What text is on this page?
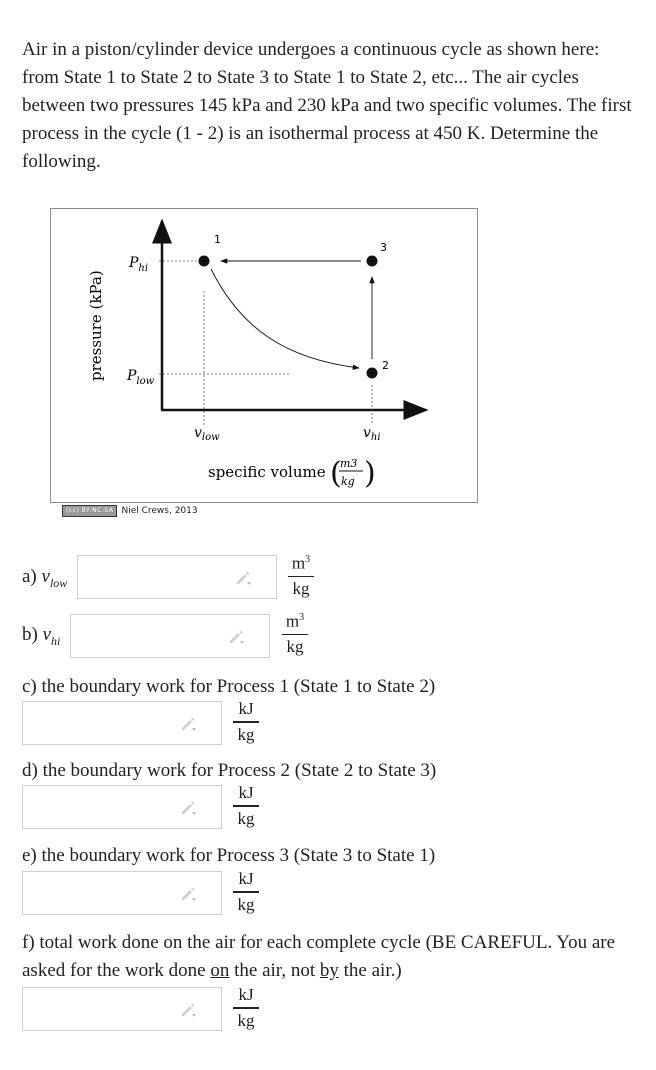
Air in a piston/cylinder device undergoes a continuous cycle as shown here: from State 1 to State 2 to State 3 to State 1 to State 2, etc... The air cycles between two pressures 145 kPa and 230 kPa and two specific volumes. The first process in the cycle (1 - 2) is an isothermal process at 450 K. Determine the following.

1
2
3
$P_{hi}$
$P_{low}$
$v_{low}$	$v_{hi}$
pressure (kPa)
specific volume (
m3
kg )
(cc) BY-NC-SA Niel Crews, 2013
a) $v_{low}$
$m^3$
kg
b) $v_{hi}$
$m^3$
kg

c) the boundary work for Process 1 (State 1 to State 2)

kJ
kg

d) the boundary work for Process 2 (State 2 to State 3)

kJ
kg

e) the boundary work for Process 3 (State 3 to State 1)

kJ
kg

f) total work done on the air for each complete cycle (BE CAREFUL. You are asked for the work done on the air, not by the air.)

kJ
kg
